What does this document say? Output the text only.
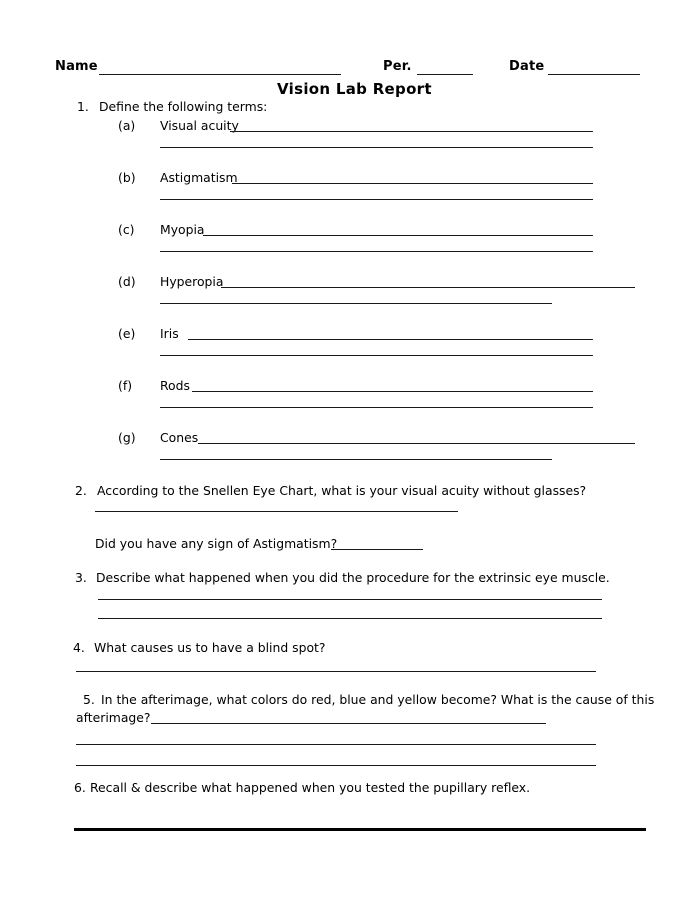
Name	Per.	Date
Vision Lab Report
1. Define the following terms:
(a) Visual acuity
(b) Astigmatism
(c) Myopia
(d) Hyperopia
(e) Iris
(f) Rods
(g) Cones
2. According to the Snellen Eye Chart, what is your visual acuity without glasses?
Did you have any sign of Astigmatism?
3. Describe what happened when you did the procedure for the extrinsic eye muscle.
4. What causes us to have a blind spot?
5. In the afterimage, what colors do red, blue and yellow become? What is the cause of this
afterimage?
6. Recall & describe what happened when you tested the pupillary reflex.
